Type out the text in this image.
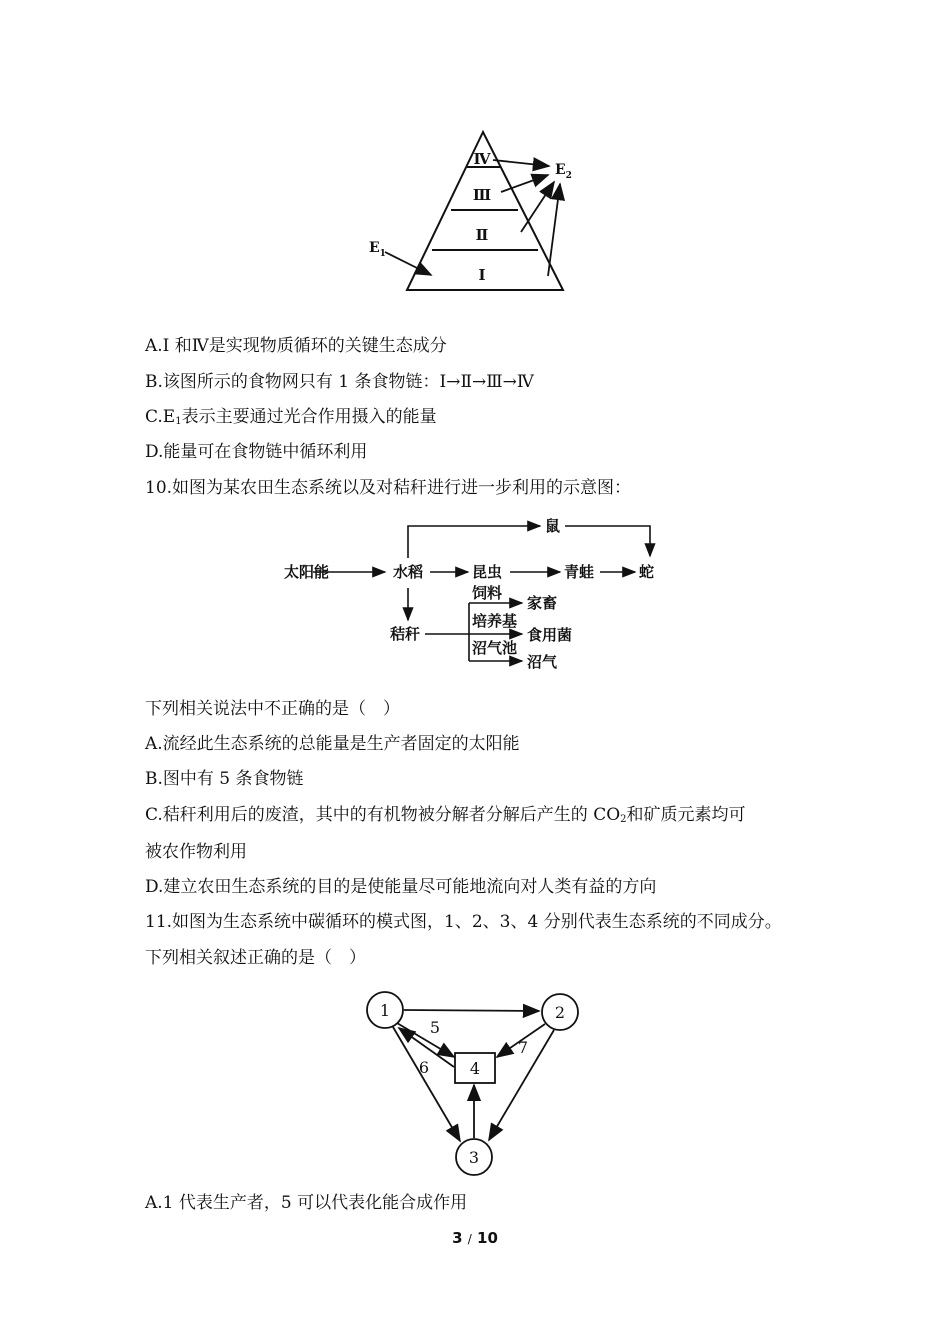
Ⅳ
Ⅲ
Ⅱ
Ⅰ
$E_1$
$E_2$
A.Ⅰ 和Ⅳ是实现物质循环的关键生态成分
B.该图所示的食物网只有 1 条食物链：Ⅰ→Ⅱ→Ⅲ→Ⅳ
$C.E_1$表示主要通过光合作用摄入的能量
D.能量可在食物链中循环利用
10.如图为某农田生态系统以及对秸秆进行进一步利用的示意图：
太阳能	水稻	昆虫	青蛙	蛇
鼠
秸秆
饲料
培养基
沼气池
家畜
食用菌
沼气
下列相关说法中不正确的是（　）
A.流经此生态系统的总能量是生产者固定的太阳能
B.图中有 5 条食物链
C.秸秆利用后的废渣，其中的有机物被分解者分解后产生的 $CO_2$和矿质元素均可
被农作物利用
D.建立农田生态系统的目的是使能量尽可能地流向对人类有益的方向
11.如图为生态系统中碳循环的模式图，1、2、3、4 分别代表生态系统的不同成分。
下列相关叙述正确的是（　）
1	2
3
4
5
6
7
A.1 代表生产者，5 可以代表化能合成作用
3 / 10
